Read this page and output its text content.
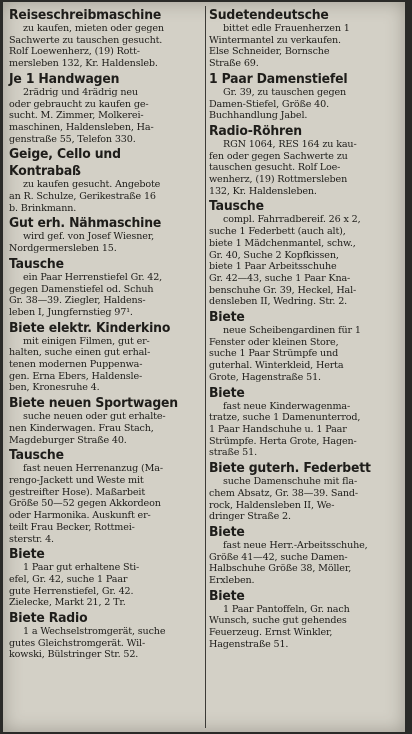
Reiseschreibmaschine
zu kaufen, mieten oder gegen
Sachwerte zu tauschen gesucht.
Rolf Loewenherz, (19) Rott-
mersleben 132, Kr. Haldensleb.
Je 1 Handwagen
2rädrig und 4rädrig neu
oder gebraucht zu kaufen ge-
sucht. M. Zimmer, Molkerei-
maschinen, Haldensleben, Ha-
genstraße 55, Telefon 330.
Geige, Cello und
Kontrabaß
zu kaufen gesucht. Angebote
an R. Schulze, Gerikestraße 16
b. Brinkmann.
Gut erh. Nähmaschine
wird gef. von Josef Wiesner,
Nordgermersleben 15.
Tausche
ein Paar Herrenstiefel Gr. 42,
gegen Damenstiefel od. Schuh
Gr. 38—39. Ziegler, Haldens-
leben I, Jungfernstieg 97¹.
Biete elektr. Kinderkino
mit einigen Filmen, gut er-
halten, suche einen gut erhal-
tenen modernen Puppenwa-
gen. Erna Ebers, Haldensle-
ben, Kronesruhe 4.
Biete neuen Sportwagen
suche neuen oder gut erhalte-
nen Kinderwagen. Frau Stach,
Magdeburger Straße 40.
Tausche
fast neuen Herrenanzug (Ma-
rengo-Jackett und Weste mit
gestreifter Hose). Maßarbeit
Größe 50—52 gegen Akkordeon
oder Harmonika. Auskunft er-
teilt Frau Becker, Rottmei-
sterstr. 4.
Biete
1 Paar gut erhaltene Sti-
efel, Gr. 42, suche 1 Paar
gute Herrenstiefel, Gr. 42.
Zielecke, Markt 21, 2 Tr.
Biete Radio
1 a Wechselstromgerät, suche
gutes Gleichstromgerät. Wil-
kowski, Bülstringer Str. 52.
Sudetendeutsche
bittet edle Frauenherzen 1
Wintermantel zu verkaufen.
Else Schneider, Bornsche
Straße 69.
1 Paar Damenstiefel
Gr. 39, zu tauschen gegen
Damen-Stiefel, Größe 40.
Buchhandlung Jabel.
Radio-Röhren
RGN 1064, RES 164 zu kau-
fen oder gegen Sachwerte zu
tauschen gesucht. Rolf Loe-
wenherz, (19) Rottmersleben
132, Kr. Haldensleben.
Tausche
compl. Fahrradbereif. 26 x 2,
suche 1 Federbett (auch alt),
biete 1 Mädchenmantel, schw.,
Gr. 40, Suche 2 Kopfkissen,
biete 1 Paar Arbeitsschuhe
Gr. 42—43, suche 1 Paar Kna-
benschuhe Gr. 39, Heckel, Hal-
densleben II, Wedring. Str. 2.
Biete
neue Scheibengardinen für 1
Fenster oder kleinen Store,
suche 1 Paar Strümpfe und
guterhal. Winterkleid, Herta
Grote, Hagenstraße 51.
Biete
fast neue Kinderwagenma-
tratze, suche 1 Damenunterrod,
1 Paar Handschuhe u. 1 Paar
Strümpfe. Herta Grote, Hagen-
straße 51.
Biete guterh. Federbett
suche Damenschuhe mit fla-
chem Absatz, Gr. 38—39. Sand-
rock, Haldensleben II, We-
dringer Straße 2.
Biete
fast neue Herr.-Arbeitsschuhe,
Größe 41—42, suche Damen-
Halbschuhe Größe 38, Möller,
Erxleben.
Biete
1 Paar Pantoffeln, Gr. nach
Wunsch, suche gut gehendes
Feuerzeug. Ernst Winkler,
Hagenstraße 51.
